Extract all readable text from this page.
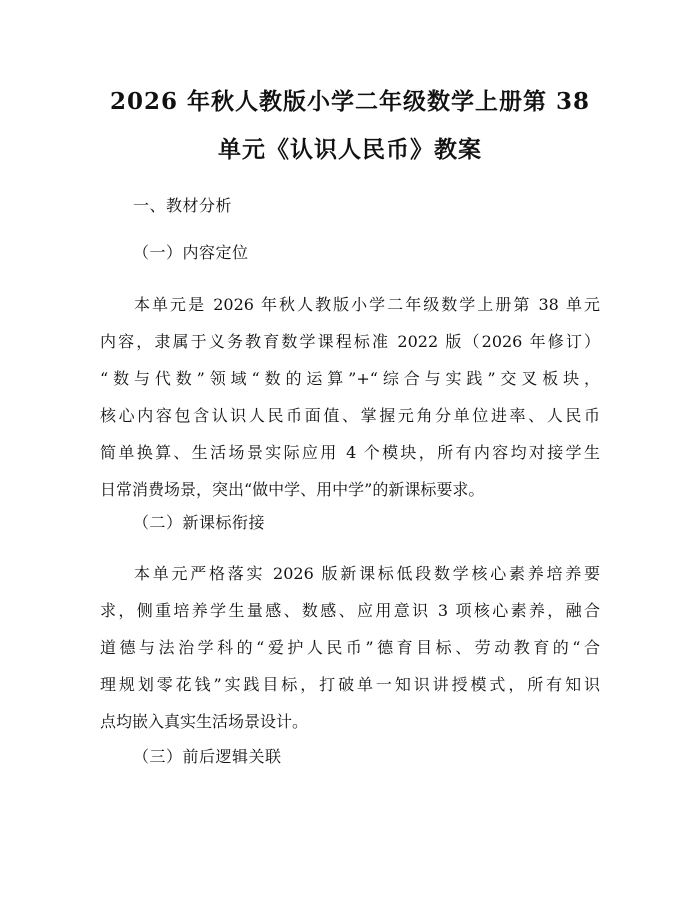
2026 年秋人教版小学二年级数学上册第 38
单元《认识人民币》教案

一、教材分析

（一）内容定位

本单元是 2026 年秋人教版小学二年级数学上册第 38 单元
内容，隶属于义务教育数学课程标准 2022 版（2026 年修订）
“数与代数”领域“数的运算”+“综合与实践”交叉板块，
核心内容包含认识人民币面值、掌握元角分单位进率、人民币
简单换算、生活场景实际应用 4 个模块，所有内容均对接学生
日常消费场景，突出“做中学、用中学”的新课标要求。

（二）新课标衔接

本单元严格落实 2026 版新课标低段数学核心素养培养要
求，侧重培养学生量感、数感、应用意识 3 项核心素养，融合
道德与法治学科的“爱护人民币”德育目标、劳动教育的“合
理规划零花钱”实践目标，打破单一知识讲授模式，所有知识
点均嵌入真实生活场景设计。

（三）前后逻辑关联
